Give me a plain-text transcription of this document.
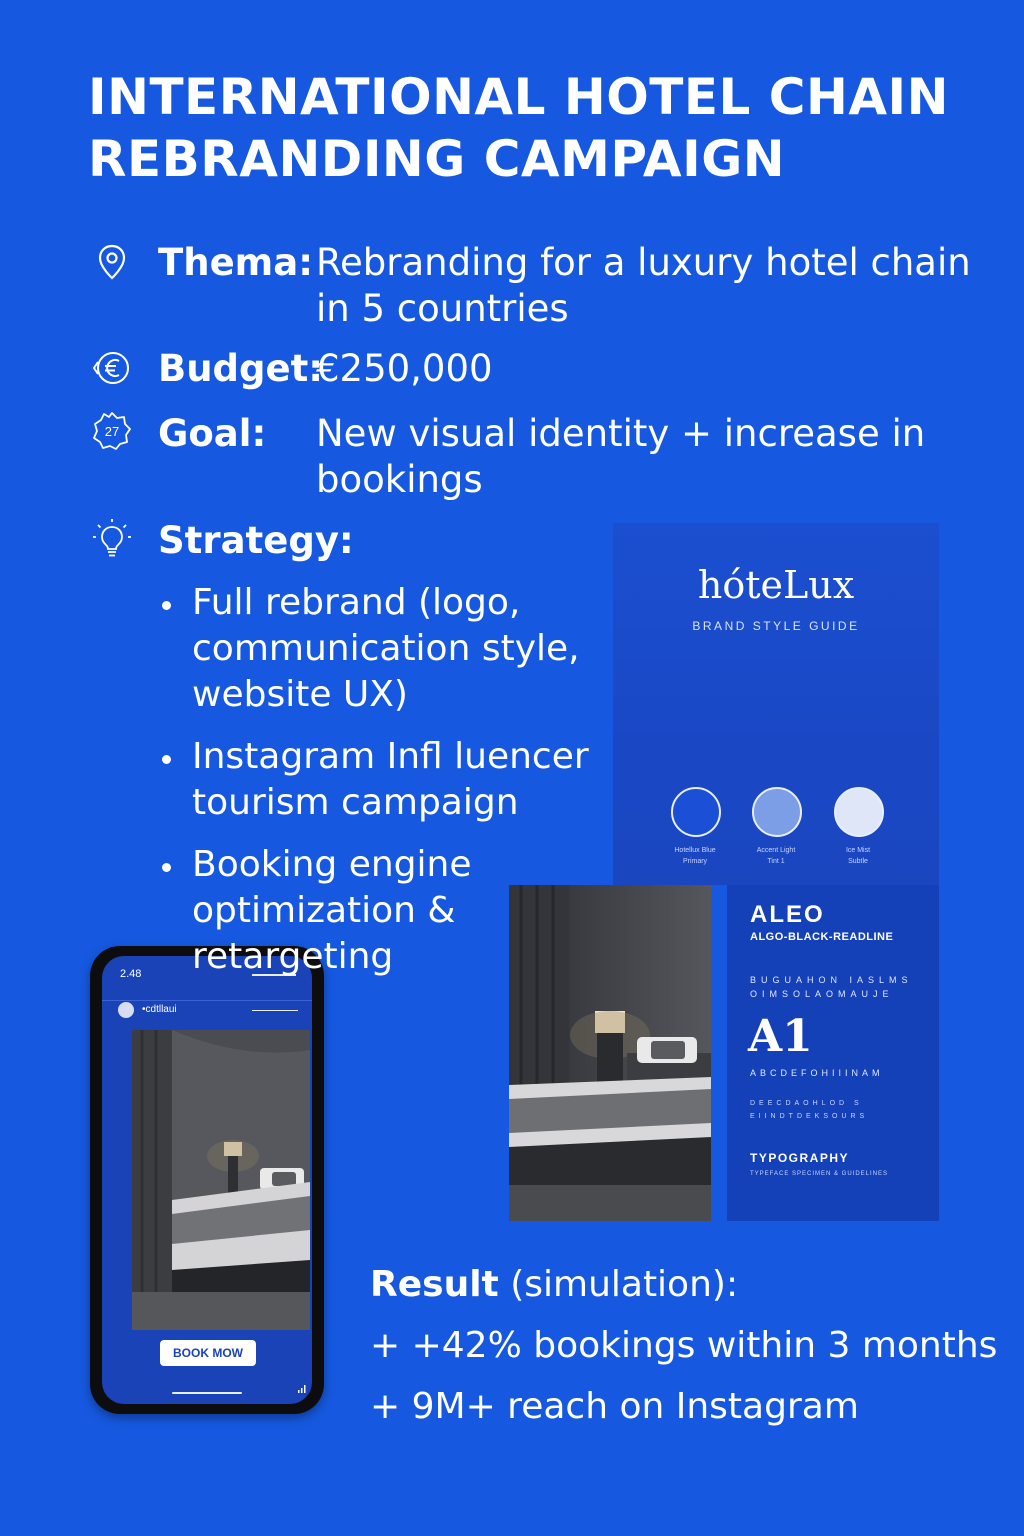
INTERNATIONAL HOTEL CHAIN
REBRANDING CAMPAIGN
Thema: Rebranding for a luxury hotel chain in 5 countries
Budget:
€250,000
27 Goal: New visual identity + increase in bookings
Strategy:
hóteLux
BRAND STYLE GUIDE
Hotellux Blue
Primary
Accent Light
Tint 1
Ice Mist
Subtle
ALEO
ALGO-BLACK-READLINE
BUGUAHON IASLMS
OIMSOLAOMAUJE
A1
ABCDEFOHIIINAM
DEECDAOHLOD S
EIINDTDEKSOURS
TYPOGRAPHY
TYPEFACE SPECIMEN & GUIDELINES
2.48
•cdtllaui
BOOK MOW
Full rebrand (logo, communication style, website UX)
Instagram Infl luencer tourism campaign
Booking engine optimization & retargeting
Result (simulation):
+ +42% bookings within 3 months
+ 9M+ reach on Instagram
